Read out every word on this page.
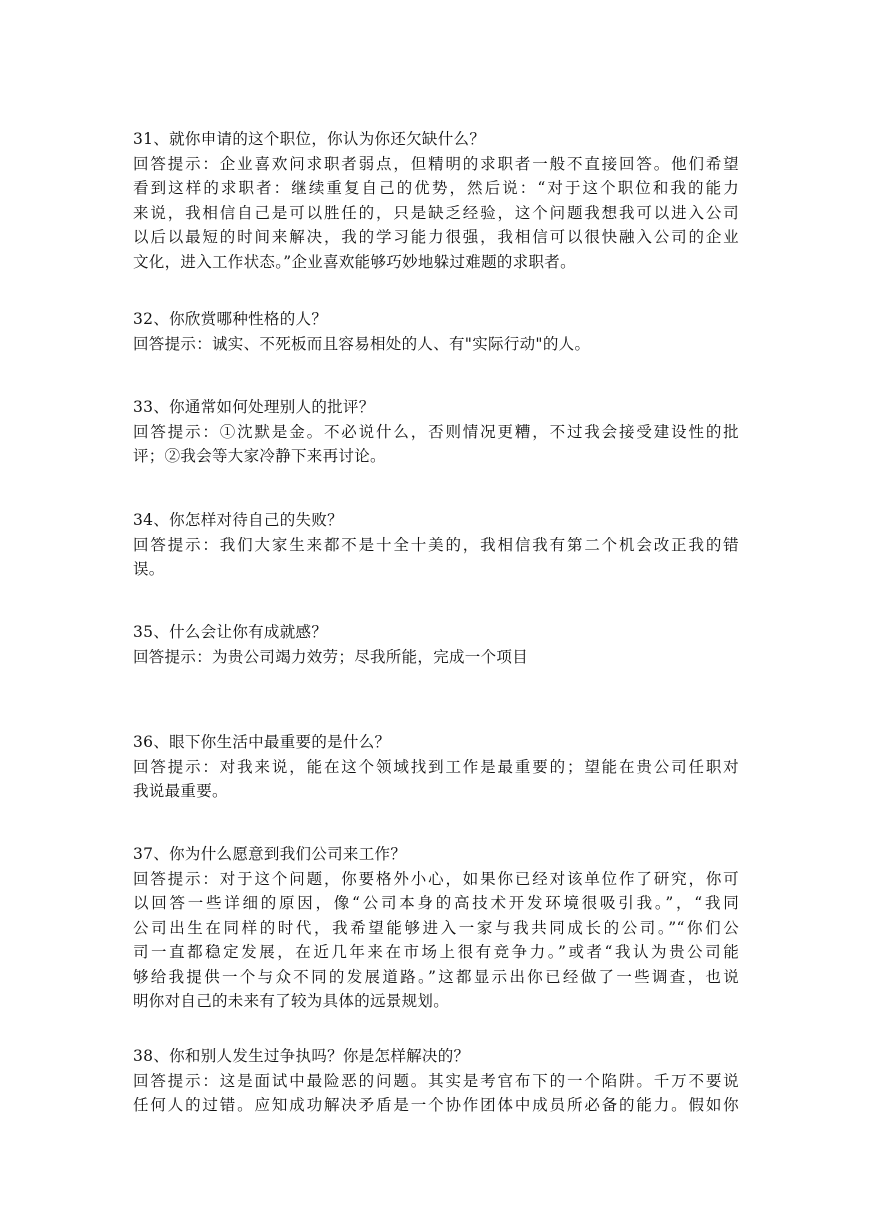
31、就你申请的这个职位，你认为你还欠缺什么？

回答提示：企业喜欢问求职者弱点，但精明的求职者一般不直接回答。他们希望

看到这样的求职者：继续重复自己的优势，然后说：“对于这个职位和我的能力

来说，我相信自己是可以胜任的，只是缺乏经验，这个问题我想我可以进入公司

以后以最短的时间来解决，我的学习能力很强，我相信可以很快融入公司的企业

文化，进入工作状态。”企业喜欢能够巧妙地躲过难题的求职者。

32、你欣赏哪种性格的人？

回答提示：诚实、不死板而且容易相处的人、有"实际行动"的人。

33、你通常如何处理别人的批评？

回答提示：①沈默是金。不必说什么，否则情况更糟，不过我会接受建设性的批

评；②我会等大家冷静下来再讨论。

34、你怎样对待自己的失败？

回答提示：我们大家生来都不是十全十美的，我相信我有第二个机会改正我的错

误。

35、什么会让你有成就感？

回答提示：为贵公司竭力效劳；尽我所能，完成一个项目

36、眼下你生活中最重要的是什么？

回答提示：对我来说，能在这个领域找到工作是最重要的；望能在贵公司任职对

我说最重要。

37、你为什么愿意到我们公司来工作？

回答提示：对于这个问题，你要格外小心，如果你已经对该单位作了研究，你可

以回答一些详细的原因，像“公司本身的高技术开发环境很吸引我。”，“我同

公司出生在同样的时代，我希望能够进入一家与我共同成长的公司。”“你们公

司一直都稳定发展，在近几年来在市场上很有竞争力。”或者“我认为贵公司能

够给我提供一个与众不同的发展道路。”这都显示出你已经做了一些调查，也说

明你对自己的未来有了较为具体的远景规划。

38、你和别人发生过争执吗？你是怎样解决的？

回答提示：这是面试中最险恶的问题。其实是考官布下的一个陷阱。千万不要说

任何人的过错。应知成功解决矛盾是一个协作团体中成员所必备的能力。假如你
